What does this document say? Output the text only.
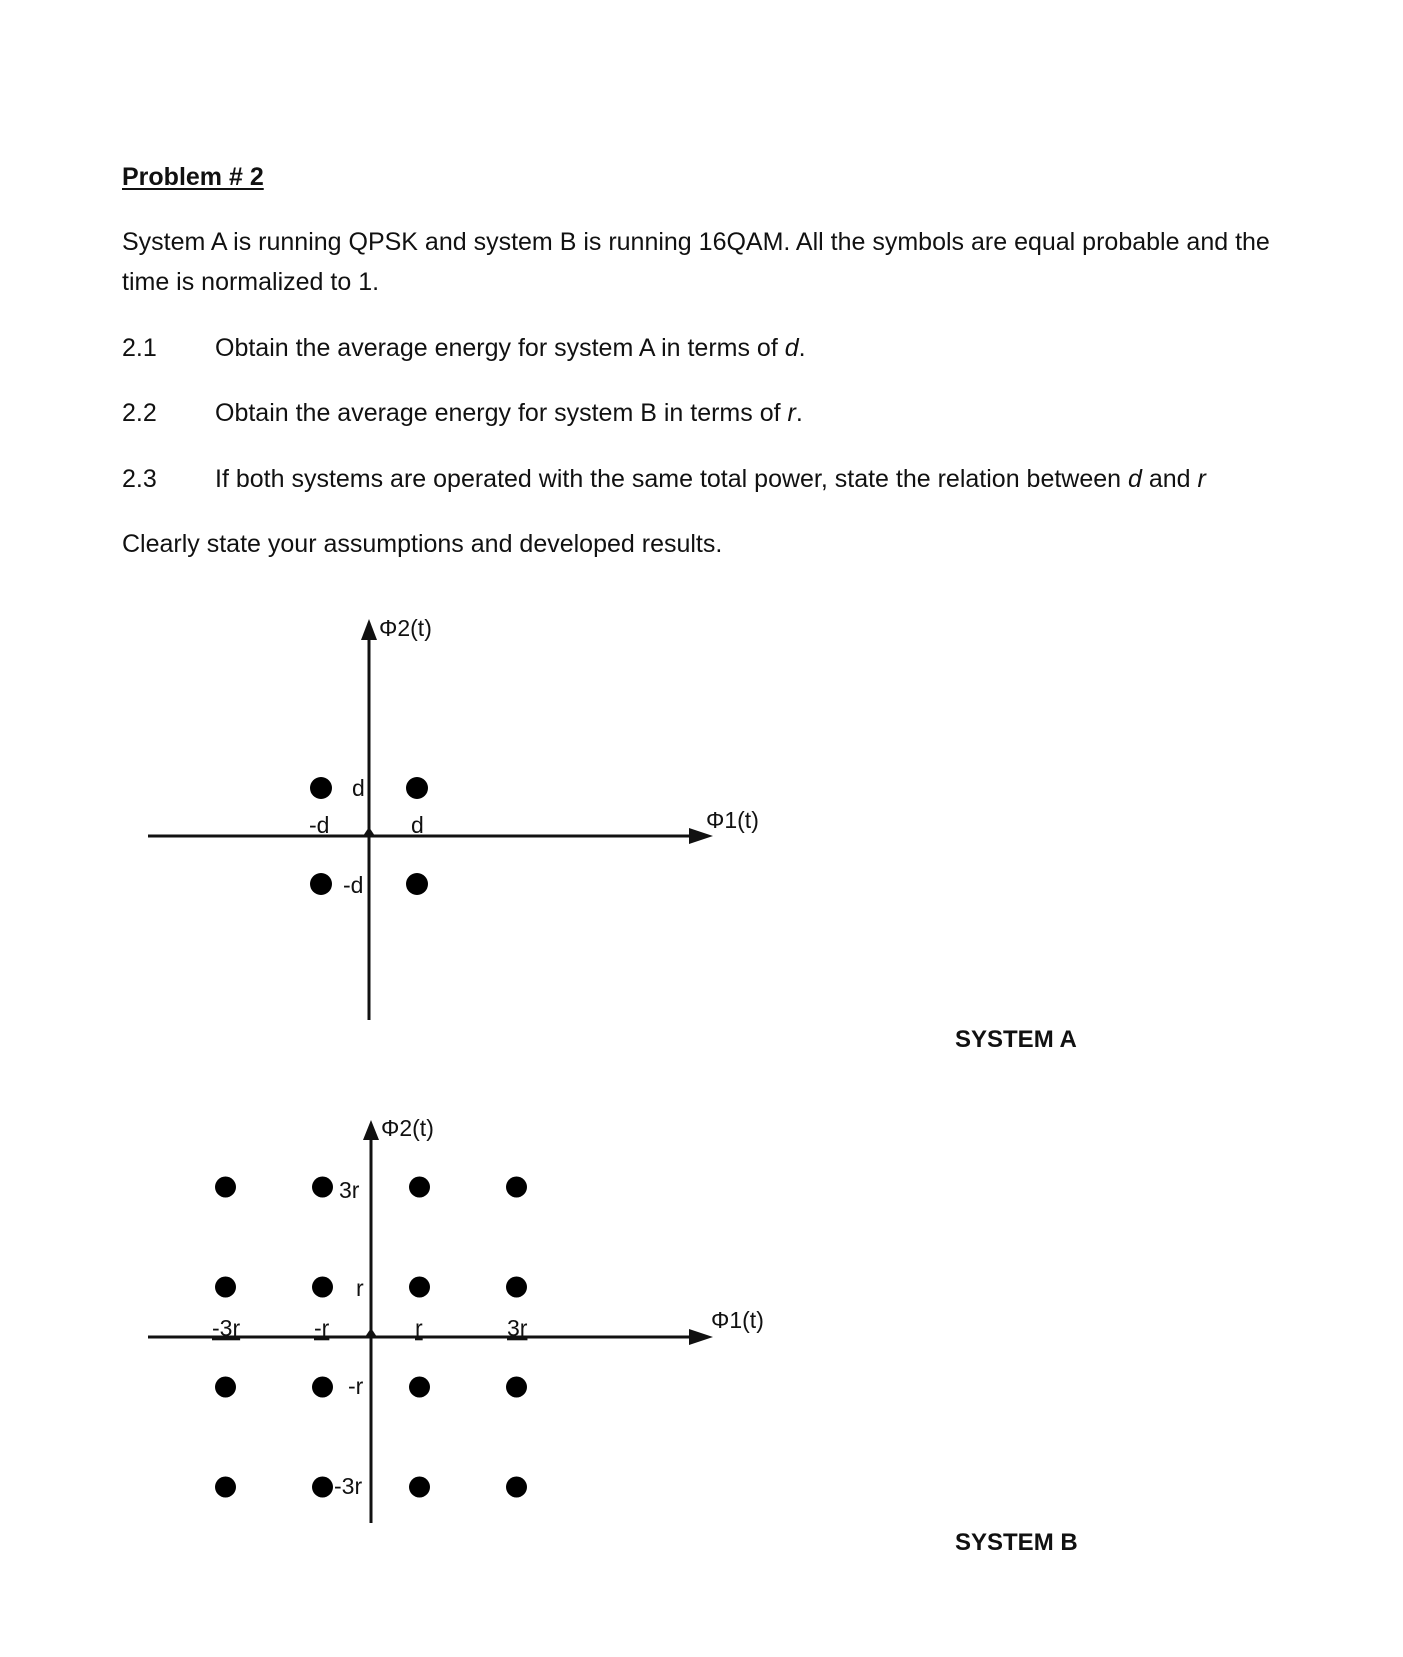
Problem # 2
System A is running QPSK and system B is running 16QAM. All the symbols are equal probable and the
time is normalized to 1.
2.1 Obtain the average energy for system A in terms of d.
2.2 Obtain the average energy for system B in terms of r.
2.3 If both systems are operated with the same total power, state the relation between d and r
Clearly state your assumptions and developed results.
SYSTEM A
SYSTEM B
Φ2(t)
Φ1(t)
-d	d
d
-d
Φ2(t)
Φ1(t)
-3r	-r	r	3r
3r
r
-r
-3r
